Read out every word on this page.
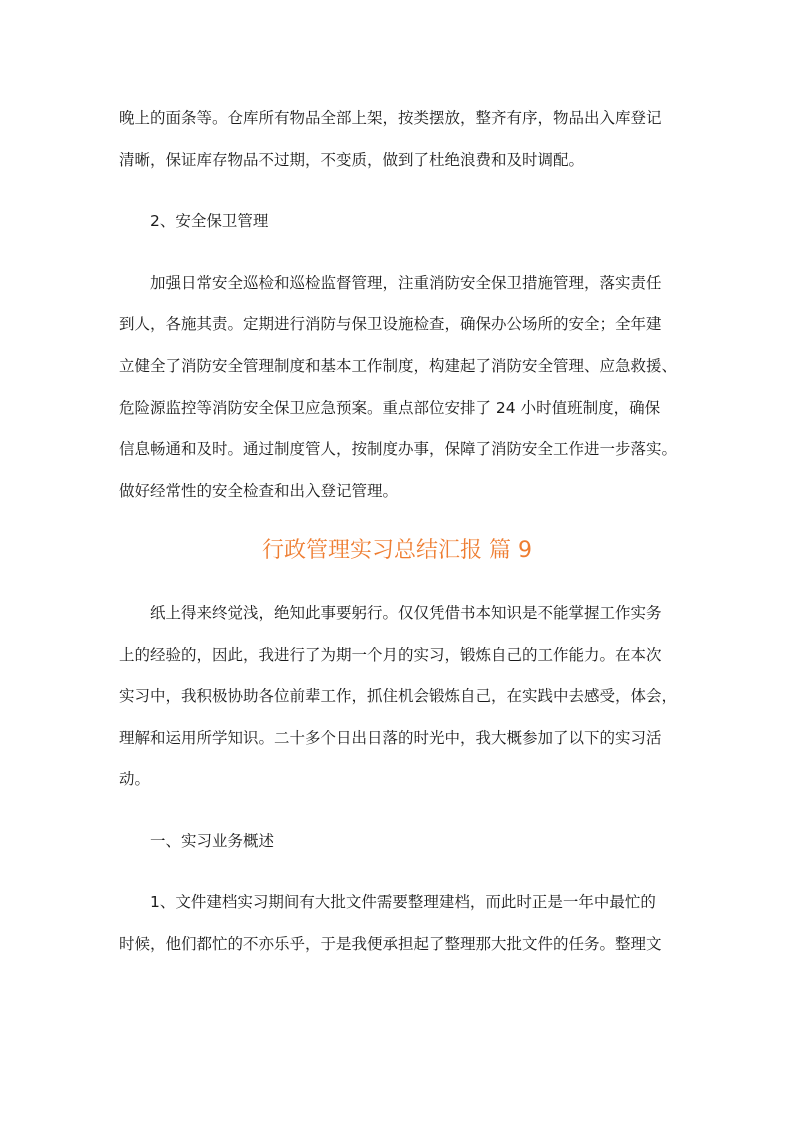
晚上的面条等。仓库所有物品全部上架，按类摆放，整齐有序，物品出入库登记
清晰，保证库存物品不过期，不变质，做到了杜绝浪费和及时调配。
2、安全保卫管理
加强日常安全巡检和巡检监督管理，注重消防安全保卫措施管理，落实责任
到人，各施其责。定期进行消防与保卫设施检查，确保办公场所的安全；全年建
立健全了消防安全管理制度和基本工作制度，构建起了消防安全管理、应急救援、
危险源监控等消防安全保卫应急预案。重点部位安排了 24 小时值班制度，确保
信息畅通和及时。通过制度管人，按制度办事，保障了消防安全工作进一步落实。
做好经常性的安全检查和出入登记管理。
行政管理实习总结汇报 篇 9
纸上得来终觉浅，绝知此事要躬行。仅仅凭借书本知识是不能掌握工作实务
上的经验的，因此，我进行了为期一个月的实习，锻炼自己的工作能力。在本次
实习中，我积极协助各位前辈工作，抓住机会锻炼自己，在实践中去感受，体会，
理解和运用所学知识。二十多个日出日落的时光中，我大概参加了以下的实习活
动。
一、实习业务概述
1、文件建档实习期间有大批文件需要整理建档，而此时正是一年中最忙的
时候，他们都忙的不亦乐乎，于是我便承担起了整理那大批文件的任务。整理文
